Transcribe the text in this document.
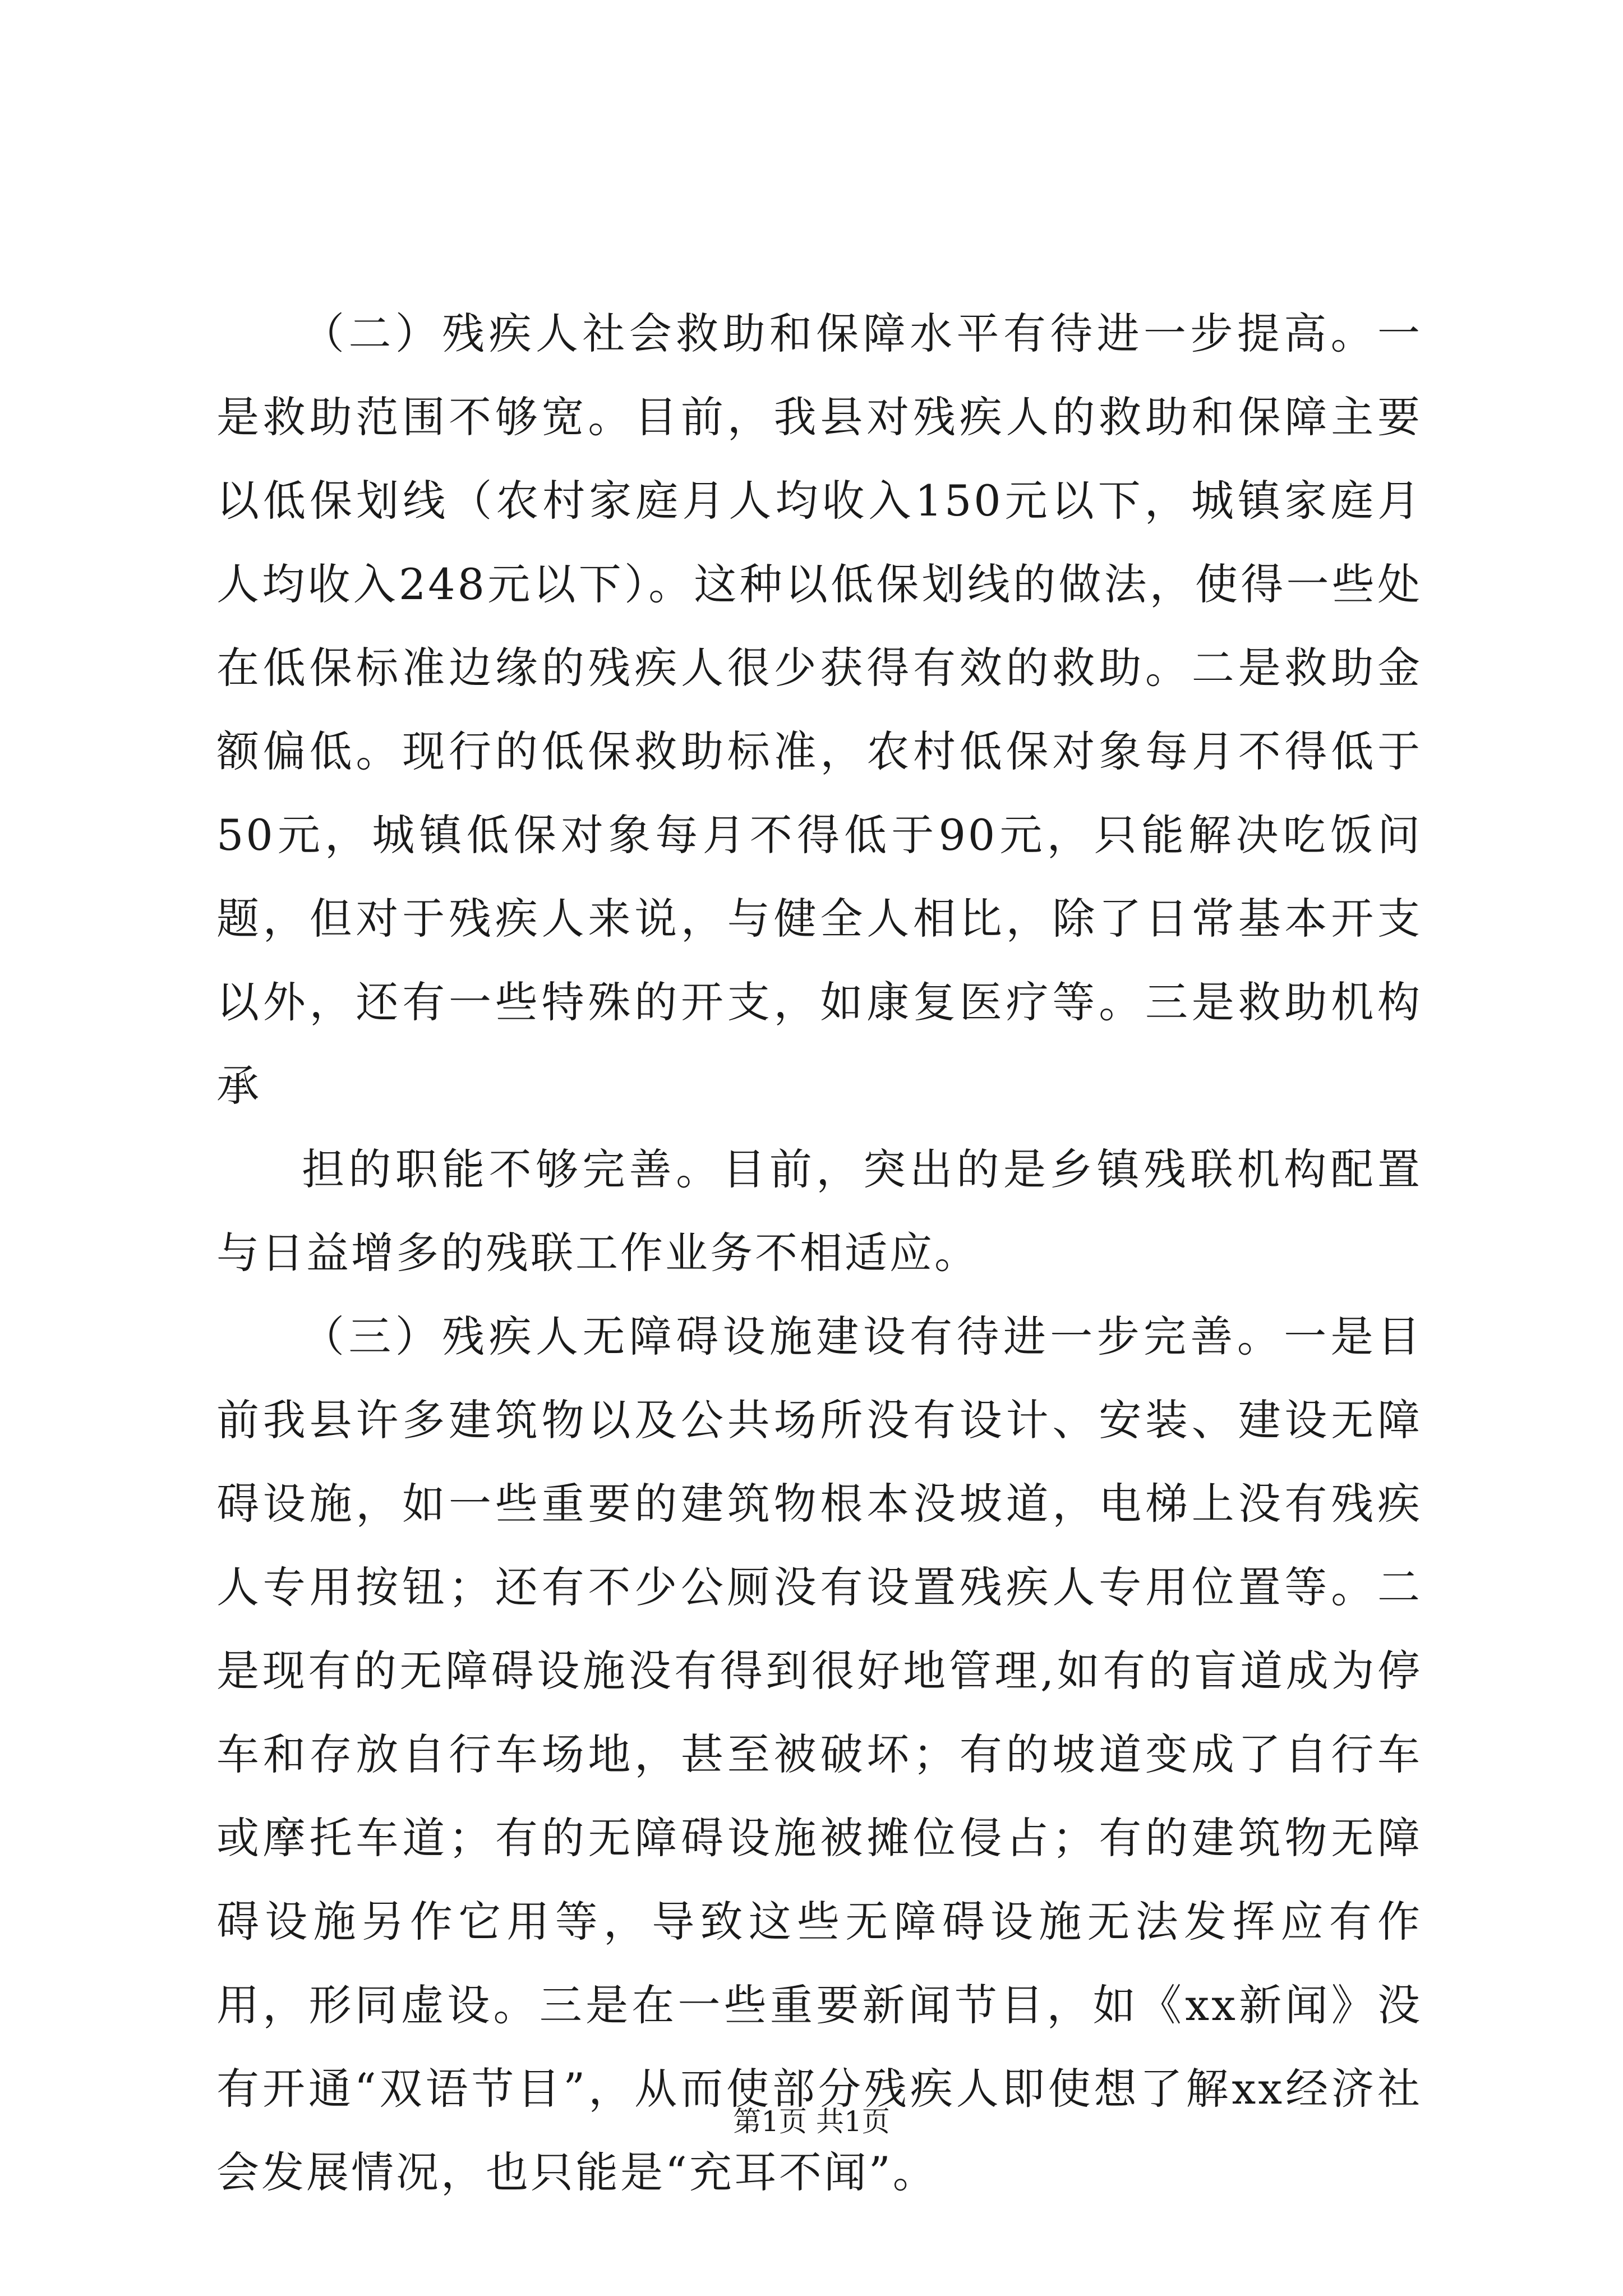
（二）残疾人社会救助和保障水平有待进一步提高。一是救助范围不够宽。目前，我县对残疾人的救助和保障主要以低保划线（农村家庭月人均收入150元以下，城镇家庭月人均收入248元以下）。这种以低保划线的做法，使得一些处在低保标准边缘的残疾人很少获得有效的救助。二是救助金额偏低。现行的低保救助标准，农村低保对象每月不得低于50元，城镇低保对象每月不得低于90元，只能解决吃饭问题，但对于残疾人来说，与健全人相比，除了日常基本开支以外，还有一些特殊的开支，如康复医疗等。三是救助机构承

担的职能不够完善。目前，突出的是乡镇残联机构配置与日益增多的残联工作业务不相适应。

（三）残疾人无障碍设施建设有待进一步完善。一是目前我县许多建筑物以及公共场所没有设计、安装、建设无障碍设施，如一些重要的建筑物根本没坡道，电梯上没有残疾人专用按钮；还有不少公厕没有设置残疾人专用位置等。二是现有的无障碍设施没有得到很好地管理,如有的盲道成为停车和存放自行车场地，甚至被破坏；有的坡道变成了自行车或摩托车道；有的无障碍设施被摊位侵占；有的建筑物无障碍设施另作它用等，导致这些无障碍设施无法发挥应有作用，形同虚设。三是在一些重要新闻节目，如《xx新闻》没有开通“双语节目”，从而使部分残疾人即使想了解xx经济社会发展情况，也只能是“充耳不闻”。

第1页 共1页
